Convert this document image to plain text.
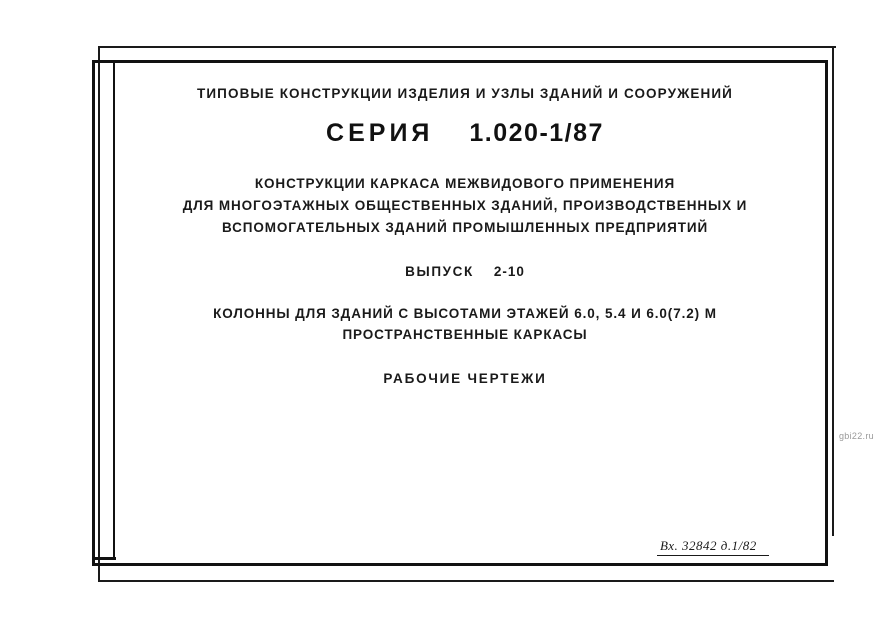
ТИПОВЫЕ КОНСТРУКЦИИ ИЗДЕЛИЯ И УЗЛЫ ЗДАНИЙ И СООРУЖЕНИЙ

СЕРИЯ 1.020-1/87

КОНСТРУКЦИИ КАРКАСА МЕЖВИДОВОГО ПРИМЕНЕНИЯ
ДЛЯ МНОГОЭТАЖНЫХ ОБЩЕСТВЕННЫХ ЗДАНИЙ, ПРОИЗВОДСТВЕННЫХ И
ВСПОМОГАТЕЛЬНЫХ ЗДАНИЙ ПРОМЫШЛЕННЫХ ПРЕДПРИЯТИЙ

ВЫПУСК 2-10

КОЛОННЫ ДЛЯ ЗДАНИЙ С ВЫСОТАМИ ЭТАЖЕЙ 6.0, 5.4 И 6.0(7.2) М
ПРОСТРАНСТВЕННЫЕ КАРКАСЫ

РАБОЧИЕ ЧЕРТЕЖИ

gbi22.ru
Вх. 32842 д.1/82
